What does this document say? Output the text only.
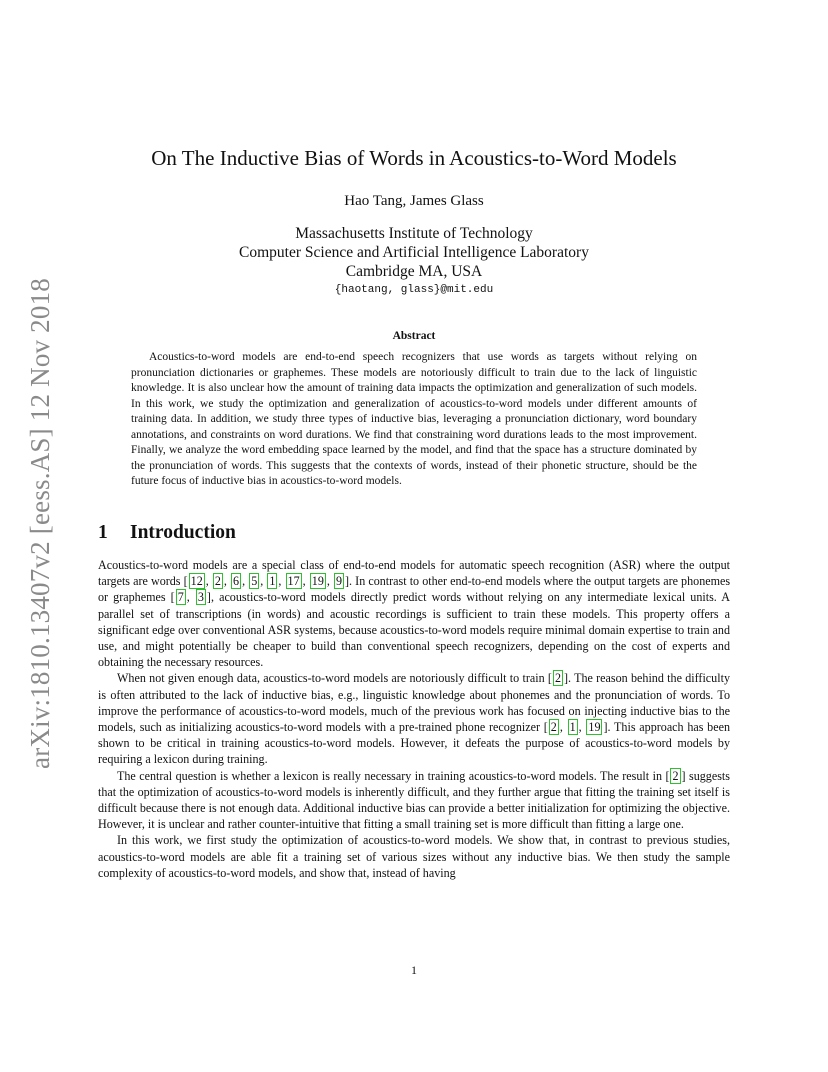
arXiv:1810.13407v2 [eess.AS] 12 Nov 2018
On The Inductive Bias of Words in Acoustics-to-Word Models
Hao Tang, James Glass
Massachusetts Institute of Technology
Computer Science and Artificial Intelligence Laboratory
Cambridge MA, USA
{haotang, glass}@mit.edu
Abstract

Acoustics-to-word models are end-to-end speech recognizers that use words as targets without relying on pronunciation dictionaries or graphemes. These models are notoriously difficult to train due to the lack of linguistic knowledge. It is also unclear how the amount of training data impacts the optimization and generalization of such models. In this work, we study the optimization and generalization of acoustics-to-word models under different amounts of training data. In addition, we study three types of inductive bias, leveraging a pronunciation dictionary, word boundary annotations, and constraints on word durations. We find that constraining word durations leads to the most improvement. Finally, we analyze the word embedding space learned by the model, and find that the space has a structure dominated by the pronunciation of words. This suggests that the contexts of words, instead of their phonetic structure, should be the future focus of inductive bias in acoustics-to-word models.

1 Introduction

Acoustics-to-word models are a special class of end-to-end models for automatic speech recognition (ASR) where the output targets are words [ 12 , 2 , 6 , 5 , 1 , 17 , 19 , 9 ]. In contrast to other end-to-end models where the output targets are phonemes or graphemes [ 7 , 3 ], acoustics-to-word models directly predict words without relying on any intermediate lexical units. A parallel set of transcriptions (in words) and acoustic recordings is sufficient to train these models. This property offers a significant edge over conventional ASR systems, because acoustics-to-word models require minimal domain expertise to train and use, and might potentially be cheaper to build than conventional speech recognizers, depending on the cost of experts and obtaining the necessary resources.

When not given enough data, acoustics-to-word models are notoriously difficult to train [ 2 ]. The reason behind the difficulty is often attributed to the lack of inductive bias, e.g., linguistic knowledge about phonemes and the pronunciation of words. To improve the performance of acoustics-to-word models, much of the previous work has focused on injecting inductive bias to the models, such as initializing acoustics-to-word models with a pre-trained phone recognizer [ 2 , 1 , 19 ]. This approach has been shown to be critical in training acoustics-to-word models. However, it defeats the purpose of acoustics-to-word models by requiring a lexicon during training.

The central question is whether a lexicon is really necessary in training acoustics-to-word models. The result in [ 2 ] suggests that the optimization of acoustics-to-word models is inherently difficult, and they further argue that fitting the training set itself is difficult because there is not enough data. Additional inductive bias can provide a better initialization for optimizing the objective. However, it is unclear and rather counter-intuitive that fitting a small training set is more difficult than fitting a large one.

In this work, we first study the optimization of acoustics-to-word models. We show that, in contrast to previous studies, acoustics-to-word models are able fit a training set of various sizes without any inductive bias. We then study the sample complexity of acoustics-to-word models, and show that, instead of having

1
